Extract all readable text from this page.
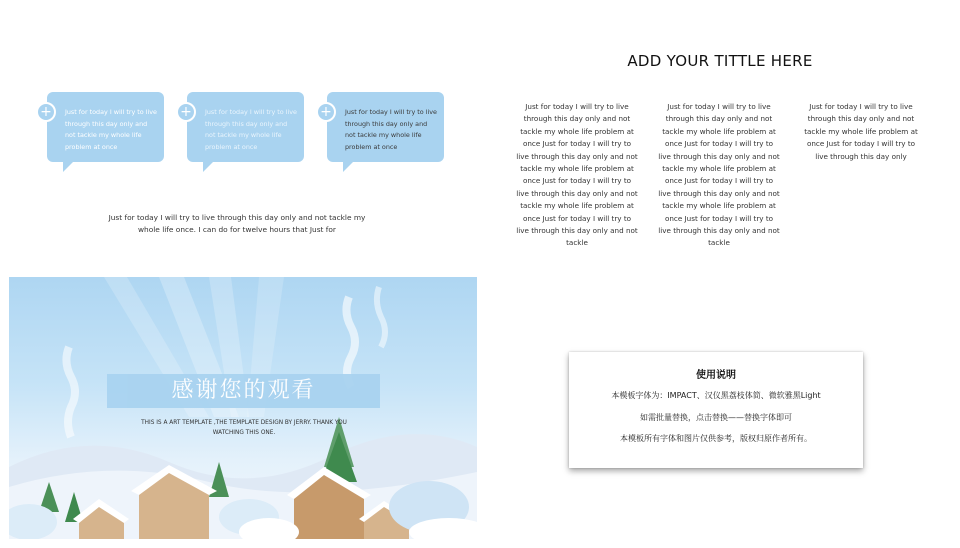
+	Just for today I will try to live through this day only and not tackle my whole life problem at once
+	Just for today I will try to live through this day only and not tackle my whole life problem at once
+	Just for today I will try to live through this day only and not tackle my whole life problem at once
Just for today I will try to live through this day only and not tackle my whole life once. I can do for twelve hours that Just for
ADD YOUR TITTLE HERE
Just for today I will try to live through this day only and not tackle my whole life problem at once Just for today I will try to live through this day only and not tackle my whole life problem at once Just for today I will try to live through this day only and not tackle my whole life problem at once Just for today I will try to live through this day only and not tackle
Just for today I will try to live through this day only and not tackle my whole life problem at once Just for today I will try to live through this day only and not tackle my whole life problem at once Just for today I will try to live through this day only and not tackle my whole life problem at once Just for today I will try to live through this day only and not tackle
Just for today I will try to live through this day only and not tackle my whole life problem at once Just for today I will try to live through this day only
感谢您的观看
THIS IS A ART TEMPLATE ,THE TEMPLATE DESIGN BY JERRY. THANK YOU WATCHING THIS ONE.
使用说明
本模板字体为：IMPACT、汉仪黑荔枝体简、微软雅黑Light
如需批量替换，点击替换——替换字体即可
本模板所有字体和图片仅供参考，版权归原作者所有。
